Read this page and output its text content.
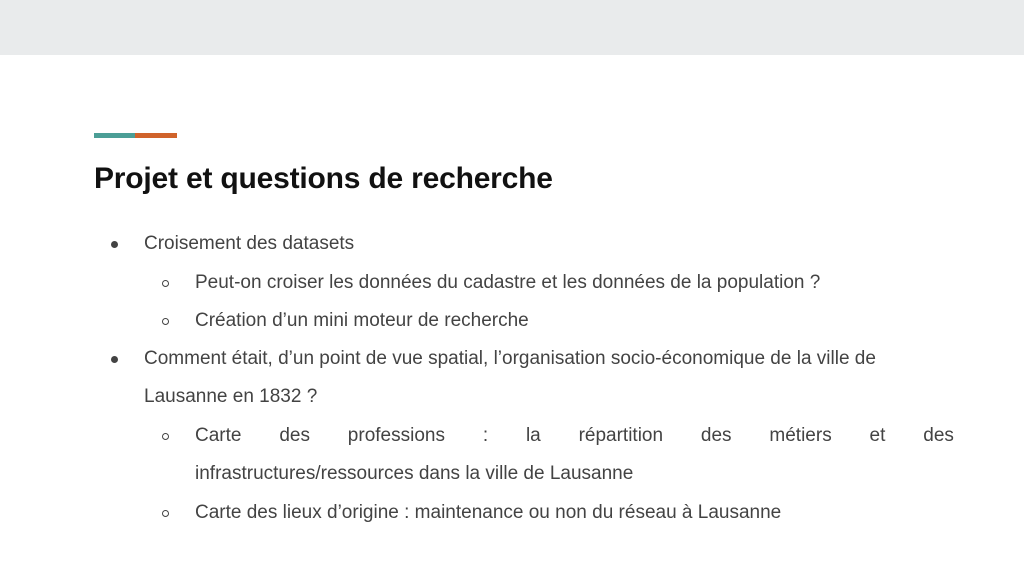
Projet et questions de recherche
Croisement des datasets
Peut-on croiser les données du cadastre et les données de la population ?
Création d’un mini moteur de recherche
Comment était, d’un point de vue spatial, l’organisation socio-économique de la ville de
Lausanne en 1832 ?
Carte des professions : la répartition des métiers et des
infrastructures/ressources dans la ville de Lausanne
Carte des lieux d’origine : maintenance ou non du réseau à Lausanne
